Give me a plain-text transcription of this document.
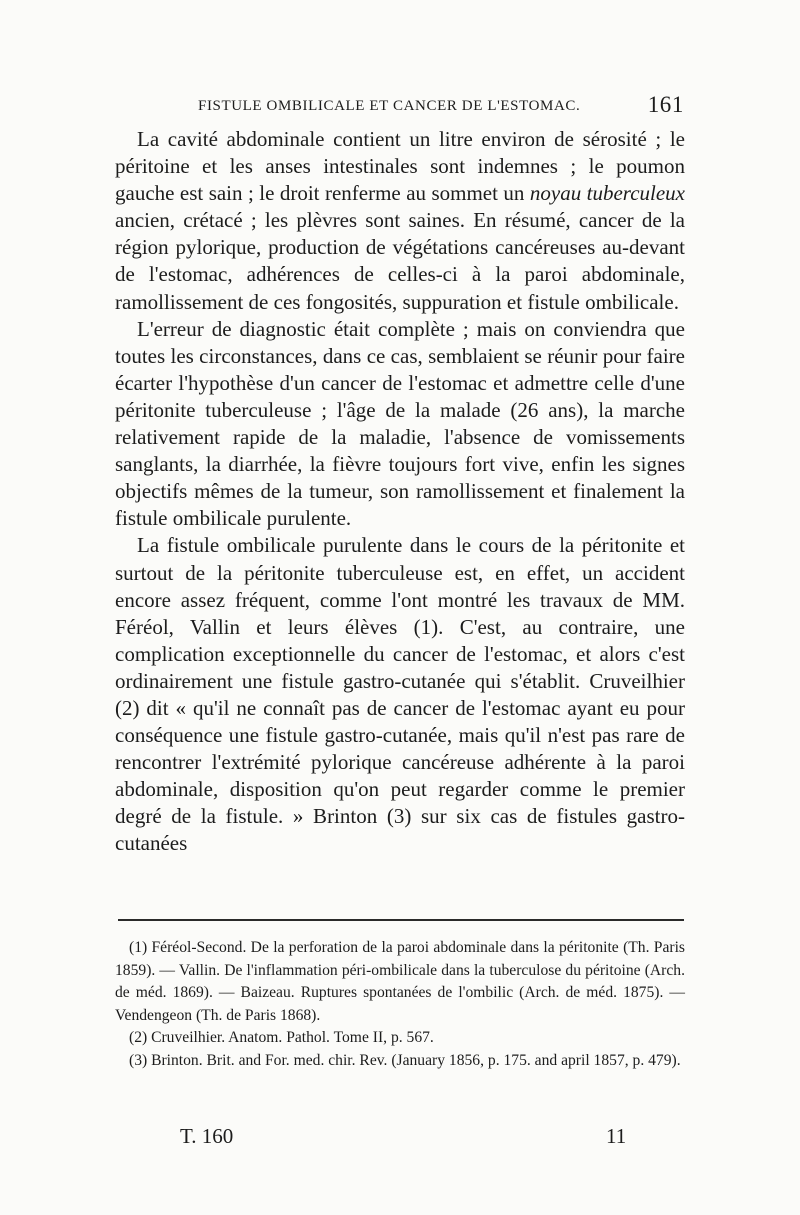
FISTULE OMBILICALE ET CANCER DE L'ESTOMAC.	161

La cavité abdominale contient un litre environ de sérosité ; le péritoine et les anses intestinales sont indemnes ; le poumon gauche est sain ; le droit renferme au sommet un noyau tuberculeux ancien, crétacé ; les plèvres sont saines. En résumé, cancer de la région pylorique, production de végétations cancéreuses au-devant de l'estomac, adhérences de celles-ci à la paroi abdominale, ramollissement de ces fongosités, suppuration et fistule ombilicale.

L'erreur de diagnostic était complète ; mais on conviendra que toutes les circonstances, dans ce cas, semblaient se réunir pour faire écarter l'hypothèse d'un cancer de l'estomac et admettre celle d'une péritonite tuberculeuse ; l'âge de la malade (26 ans), la marche relativement rapide de la maladie, l'absence de vomissements sanglants, la diarrhée, la fièvre toujours fort vive, enfin les signes objectifs mêmes de la tumeur, son ramollissement et finalement la fistule ombilicale purulente.

La fistule ombilicale purulente dans le cours de la péritonite et surtout de la péritonite tuberculeuse est, en effet, un accident encore assez fréquent, comme l'ont montré les travaux de MM. Féréol, Vallin et leurs élèves (1). C'est, au contraire, une complication exceptionnelle du cancer de l'estomac, et alors c'est ordinairement une fistule gastro-cutanée qui s'établit. Cruveilhier (2) dit « qu'il ne connaît pas de cancer de l'estomac ayant eu pour conséquence une fistule gastro-cutanée, mais qu'il n'est pas rare de rencontrer l'extrémité pylorique cancéreuse adhérente à la paroi abdominale, disposition qu'on peut regarder comme le premier degré de la fistule. » Brinton (3) sur six cas de fistules gastro-cutanées

(1) Féréol-Second. De la perforation de la paroi abdominale dans la péritonite (Th. Paris 1859). — Vallin. De l'inflammation péri-ombilicale dans la tuberculose du péritoine (Arch. de méd. 1869). — Baizeau. Ruptures spontanées de l'ombilic (Arch. de méd. 1875). — Vendengeon (Th. de Paris 1868).

(2) Cruveilhier. Anatom. Pathol. Tome II, p. 567.

(3) Brinton. Brit. and For. med. chir. Rev. (January 1856, p. 175. and april 1857, p. 479).

T. 160	11
